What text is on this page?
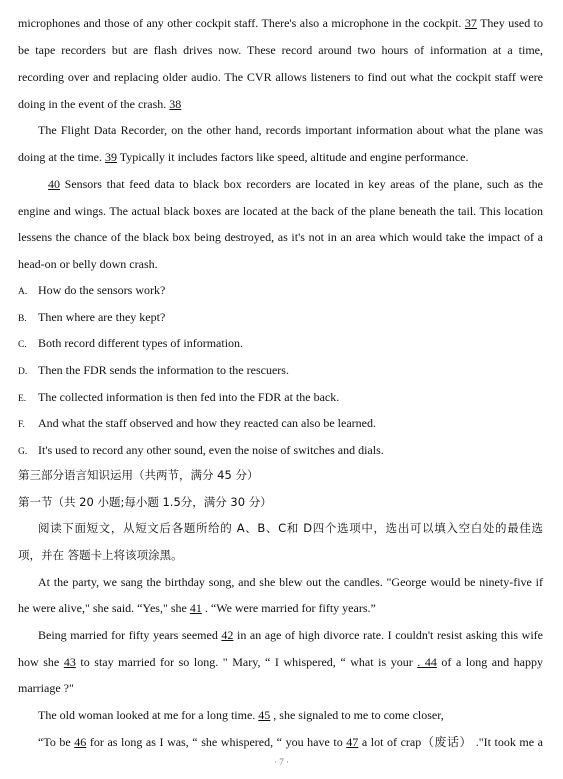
microphones and those of any other cockpit staff. There's also a microphone in the cockpit. 37 They used to
be tape recorders but are flash drives now. These record around two hours of information at a time,
recording over and replacing older audio. The CVR allows listeners to find out what the cockpit staff were
doing in the event of the crash. 38
The Flight Data Recorder, on the other hand, records important information about what the plane was
doing at the time. 39 Typically it includes factors like speed, altitude and engine performance.
40 Sensors that feed data to black box recorders are located in key areas of the plane, such as the
engine and wings. The actual black boxes are located at the back of the plane beneath the tail. This location
lessens the chance of the black box being destroyed, as it's not in an area which would take the impact of a
head-on or belly down crash.
A. How do the sensors work?
B. Then where are they kept?
C. Both record different types of information.
D. Then the FDR sends the information to the rescuers.
E. The collected information is then fed into the FDR at the back.
F. And what the staff observed and how they reacted can also be learned.
G. It's used to record any other sound, even the noise of switches and dials.
第三部分语言知识运用（共两节，满分 45 分）
第一节（共 20 小题;每小题 1.5分，满分 30 分）
阅读下面短文，从短文后各题所给的 A、B、C和 D四个选项中，选出可以填入空白处的最佳选
项，并在 答题卡上将该项涂黑。
At the party, we sang the birthday song, and she blew out the candles. "George would be ninety-five if
he were alive," she said. “Yes," she 41 . “We were married for fifty years.”
Being married for fifty years seemed 42 in an age of high divorce rate. I couldn't resist asking this wife
how she 43 to stay married for so long. " Mary, “ I whispered, “ what is your . 44 of a long and happy
marriage ?"
The old woman looked at me for a long time. 45 , she signaled to me to come closer,
“To be 46 for as long as I was, “ she whispered, “ you have to 47 a lot of crap（废话） ."It took me a
· 7 ·
